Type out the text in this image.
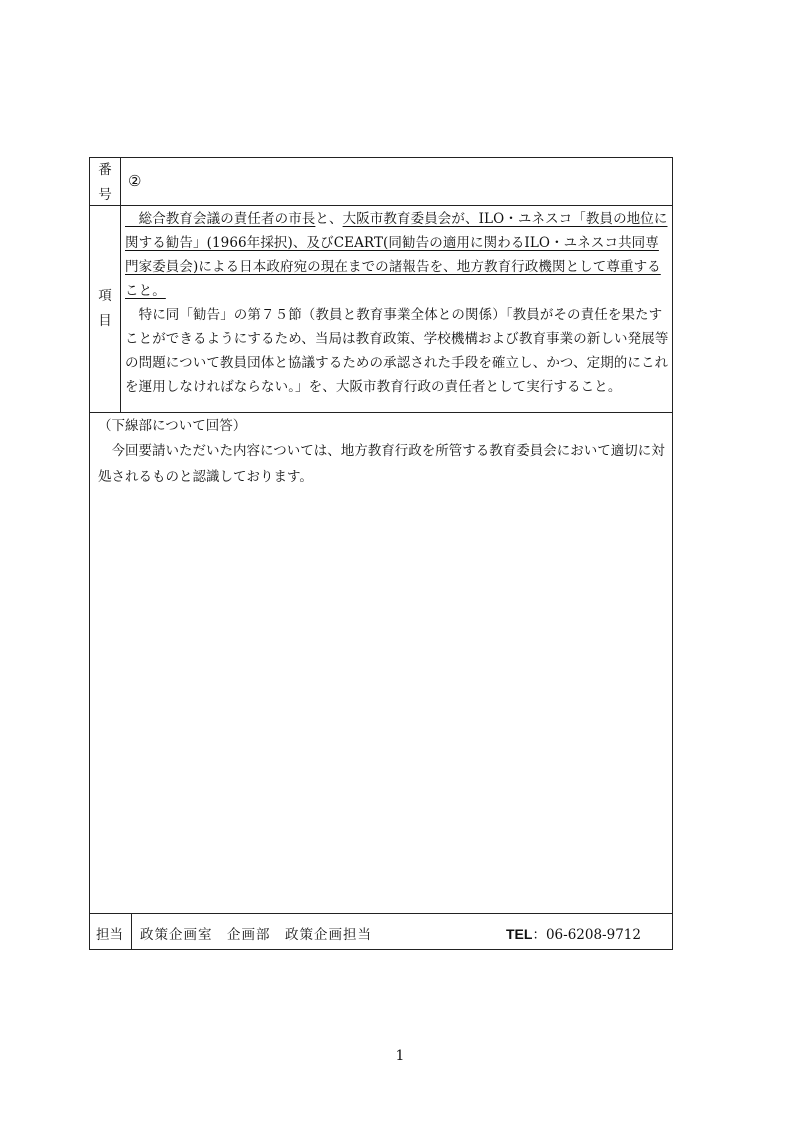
番
号
②
項
目
　総合教育会議の責任者の市長と、大阪市教育委員会が、ILO・ユネスコ「教員の地位に関する勧告」(1966年採択)、及びCEART(同勧告の適用に関わるILO・ユネスコ共同専門家委員会)による日本政府宛の現在までの諸報告を、地方教育行政機関として尊重すること。
　特に同「勧告」の第７５節（教員と教育事業全体との関係）「教員がその責任を果たすことができるようにするため、当局は教育政策、学校機構および教育事業の新しい発展等の問題について教員団体と協議するための承認された手段を確立し、かつ、定期的にこれを運用しなければならない。」を、大阪市教育行政の責任者として実行すること。
（下線部について回答）
　今回要請いただいた内容については、地方教育行政を所管する教育委員会において適切に対処されるものと認識しております。
担当 政策企画室　企画部　政策企画担当	TEL：06-6208-9712
1
